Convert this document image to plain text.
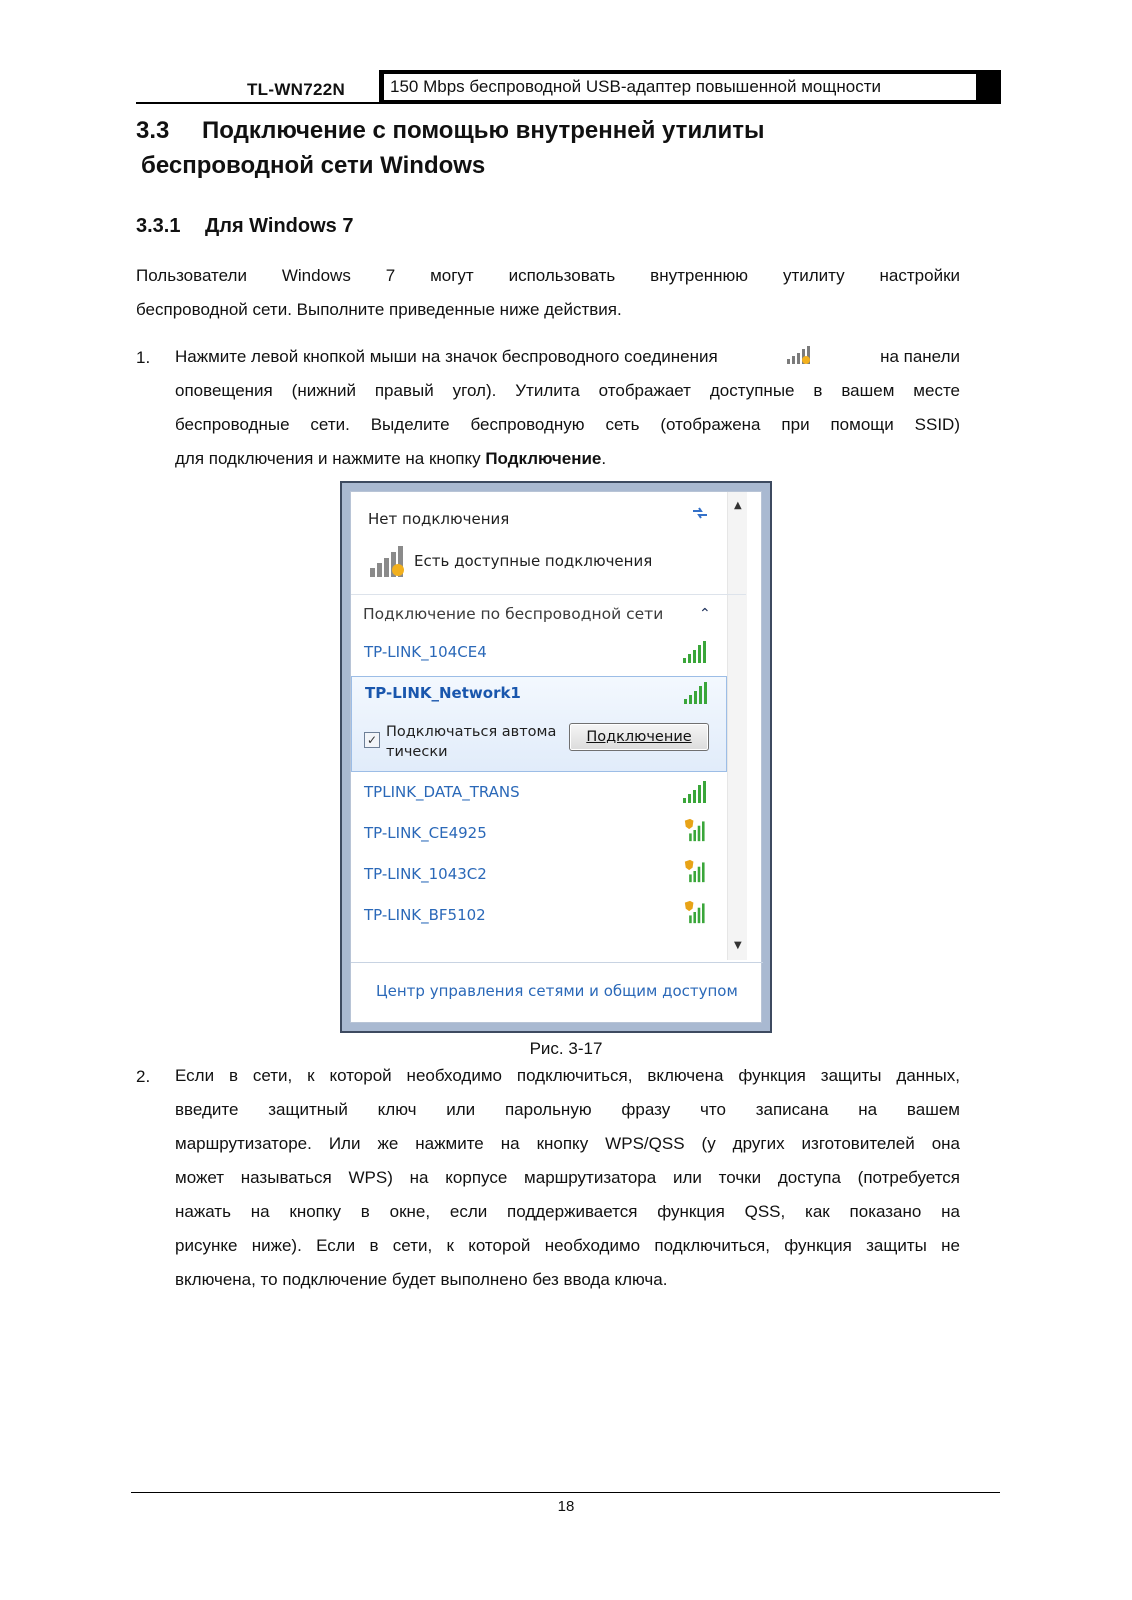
TL-WN722N	150 Mbps беспроводной USB-адаптер повышенной мощности
3.3 Подключение с помощью внутренней утилиты
беспроводной сети Windows
3.3.1 Для Windows 7
Пользователи Windows 7 могут использовать внутреннюю утилиту настройки
беспроводной сети. Выполните приведенные ниже действия.
1. Нажмите левой кнопкой мыши на значок беспроводного соединения	на панели
оповещения (нижний правый угол). Утилита отображает доступные в вашем месте
беспроводные сети. Выделите беспроводную сеть (отображена при помощи SSID)
для подключения и нажмите на кнопку Подключение.
▲
▼
Нет подключения
Есть доступные подключения
Подключение по беспроводной сети	⌃
TP-LINK_104CE4
TP-LINK_Network1
✓ Подключаться автома
тически
Подключение
TPLINK_DATA_TRANS
TP-LINK_CE4925
TP-LINK_1043C2
TP-LINK_BF5102
Центр управления сетями и общим доступом
Рис. 3-17
2. Если в сети, к которой необходимо подключиться, включена функция защиты данных,
введите защитный ключ или парольную фразу что записана на вашем
маршрутизаторе. Или же нажмите на кнопку WPS/QSS (у других изготовителей она
может называться WPS) на корпусе маршрутизатора или точки доступа (потребуется
нажать на кнопку в окне, если поддерживается функция QSS, как показано на
рисунке ниже). Если в сети, к которой необходимо подключиться, функция защиты не
включена, то подключение будет выполнено без ввода ключа.
18
